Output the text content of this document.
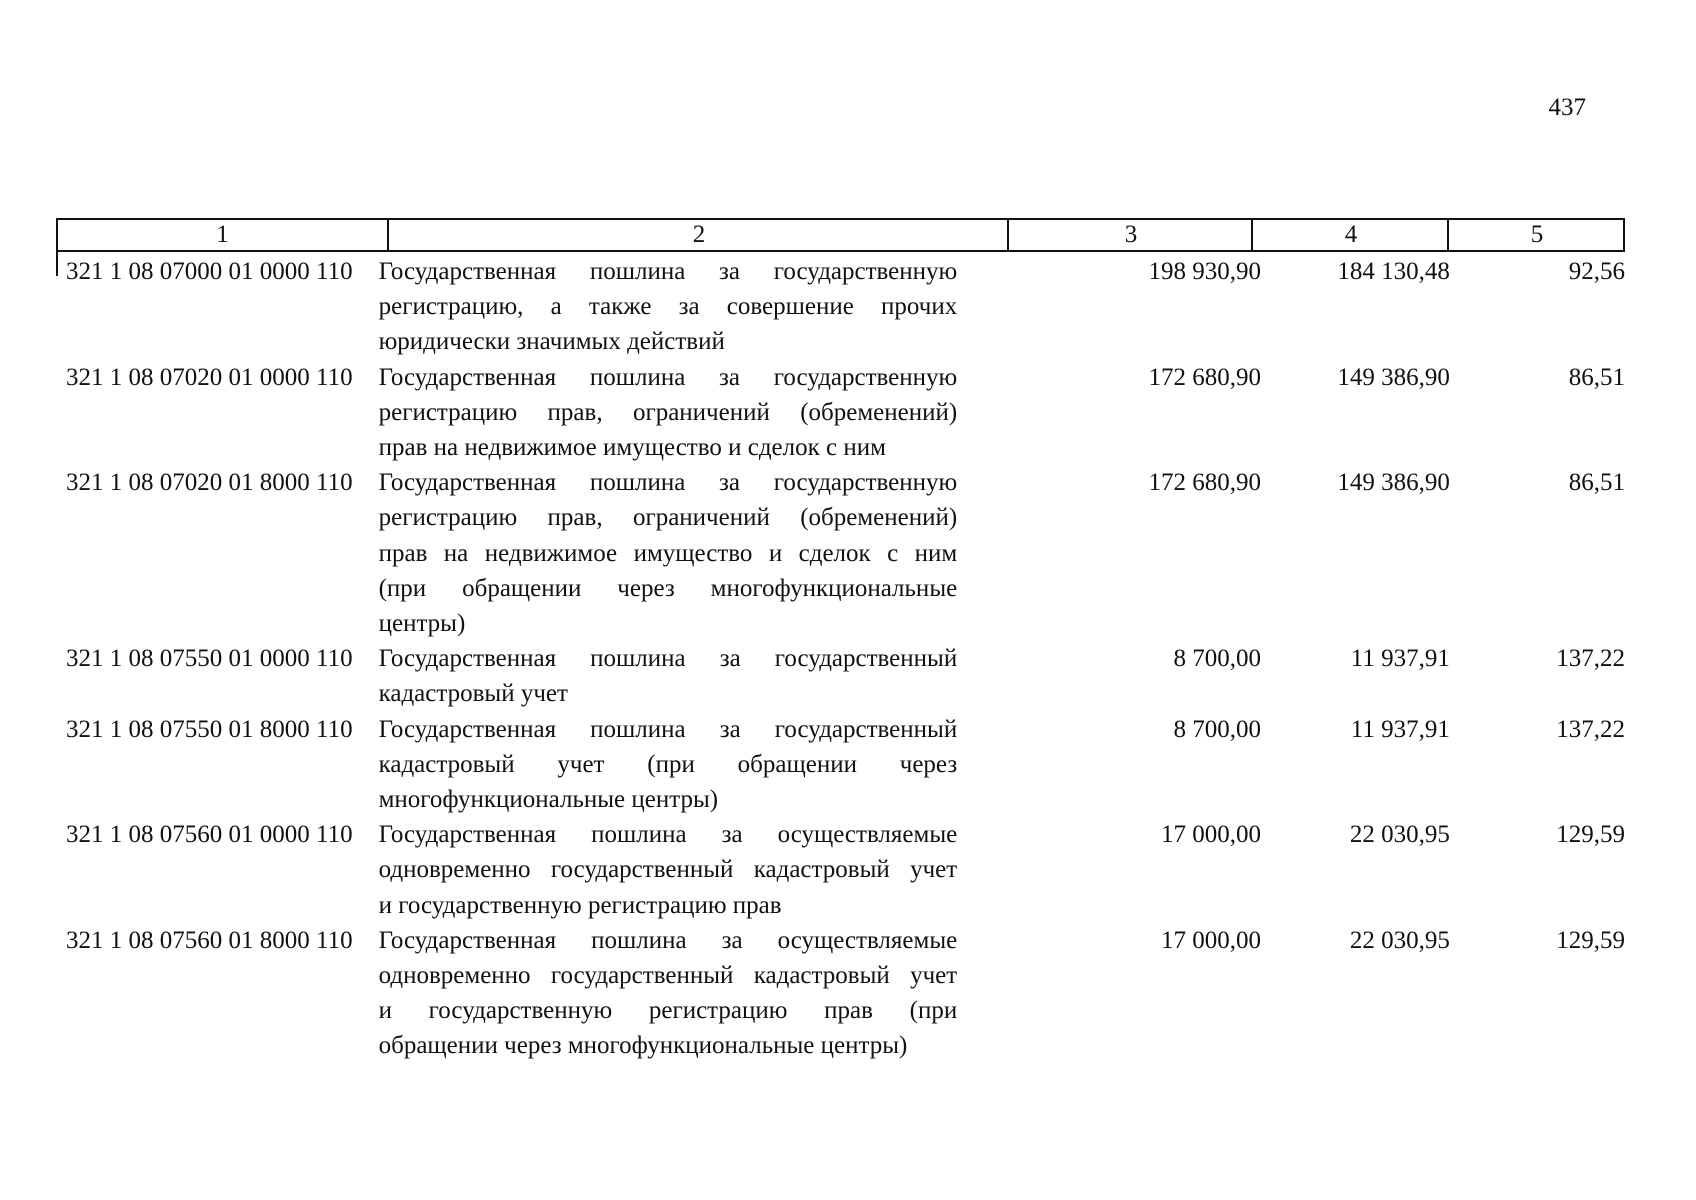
437
1	2	3	4	5
321 1 08 07000 01 0000 110	Государственная пошлина за государственную
регистрацию, а также за совершение прочих
юридически значимых действий
198 930,90	184 130,48	92,56
321 1 08 07020 01 0000 110	Государственная пошлина за государственную
регистрацию прав, ограничений (обременений)
прав на недвижимое имущество и сделок с ним
172 680,90	149 386,90	86,51
321 1 08 07020 01 8000 110	Государственная пошлина за государственную
регистрацию прав, ограничений (обременений)
прав на недвижимое имущество и сделок с ним
(при обращении через многофункциональные
центры)
172 680,90	149 386,90	86,51
321 1 08 07550 01 0000 110	Государственная пошлина за государственный
кадастровый учет
8 700,00	11 937,91	137,22
321 1 08 07550 01 8000 110	Государственная пошлина за государственный
кадастровый учет (при обращении через
многофункциональные центры)
8 700,00	11 937,91	137,22
321 1 08 07560 01 0000 110	Государственная пошлина за осуществляемые
одновременно государственный кадастровый учет
и государственную регистрацию прав
17 000,00	22 030,95	129,59
321 1 08 07560 01 8000 110	Государственная пошлина за осуществляемые
одновременно государственный кадастровый учет
и государственную регистрацию прав (при
обращении через многофункциональные центры)
17 000,00	22 030,95	129,59
